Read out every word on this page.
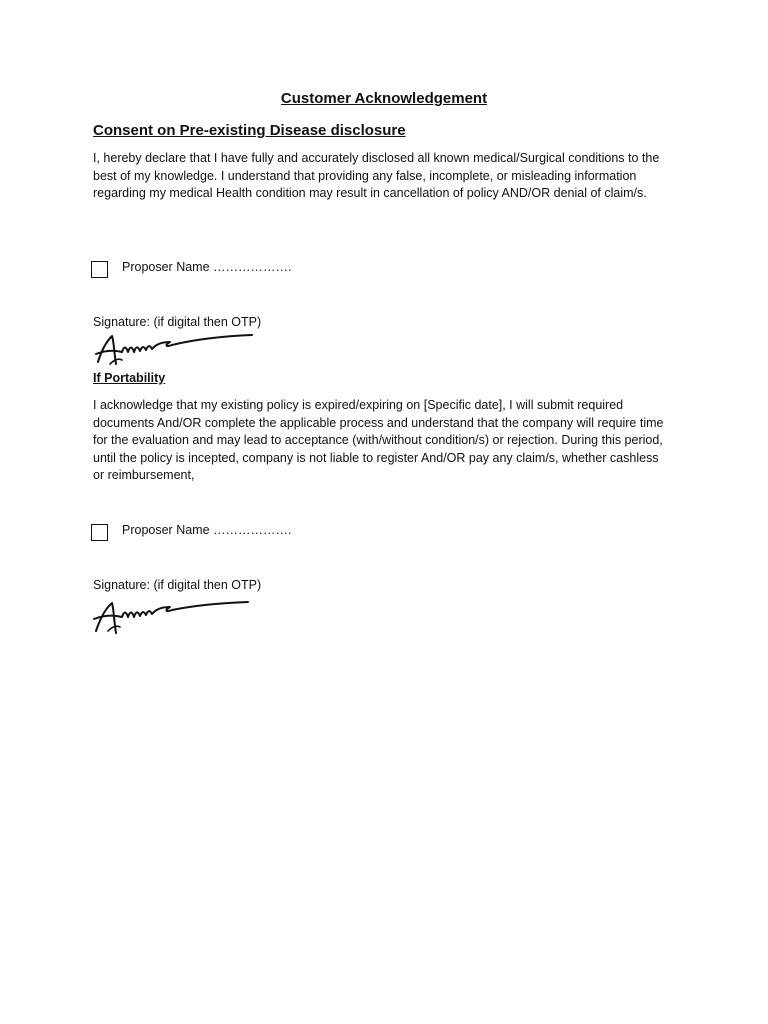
Customer Acknowledgement
Consent on Pre-existing Disease disclosure

I, hereby declare that I have fully and accurately disclosed all known medical/Surgical conditions to the best of my knowledge. I understand that providing any false, incomplete, or misleading information regarding my medical Health condition may result in cancellation of policy AND/OR denial of claim/s.

Proposer Name ……………….
Signature: (if digital then OTP)
If Portability

I acknowledge that my existing policy is expired/expiring on [Specific date], I will submit required documents And/OR complete the applicable process and understand that the company will require time for the evaluation and may lead to acceptance (with/without condition/s) or rejection. During this period, until the policy is incepted, company is not liable to register And/OR pay any claim/s, whether cashless or reimbursement,

Proposer Name ……………….
Signature: (if digital then OTP)
